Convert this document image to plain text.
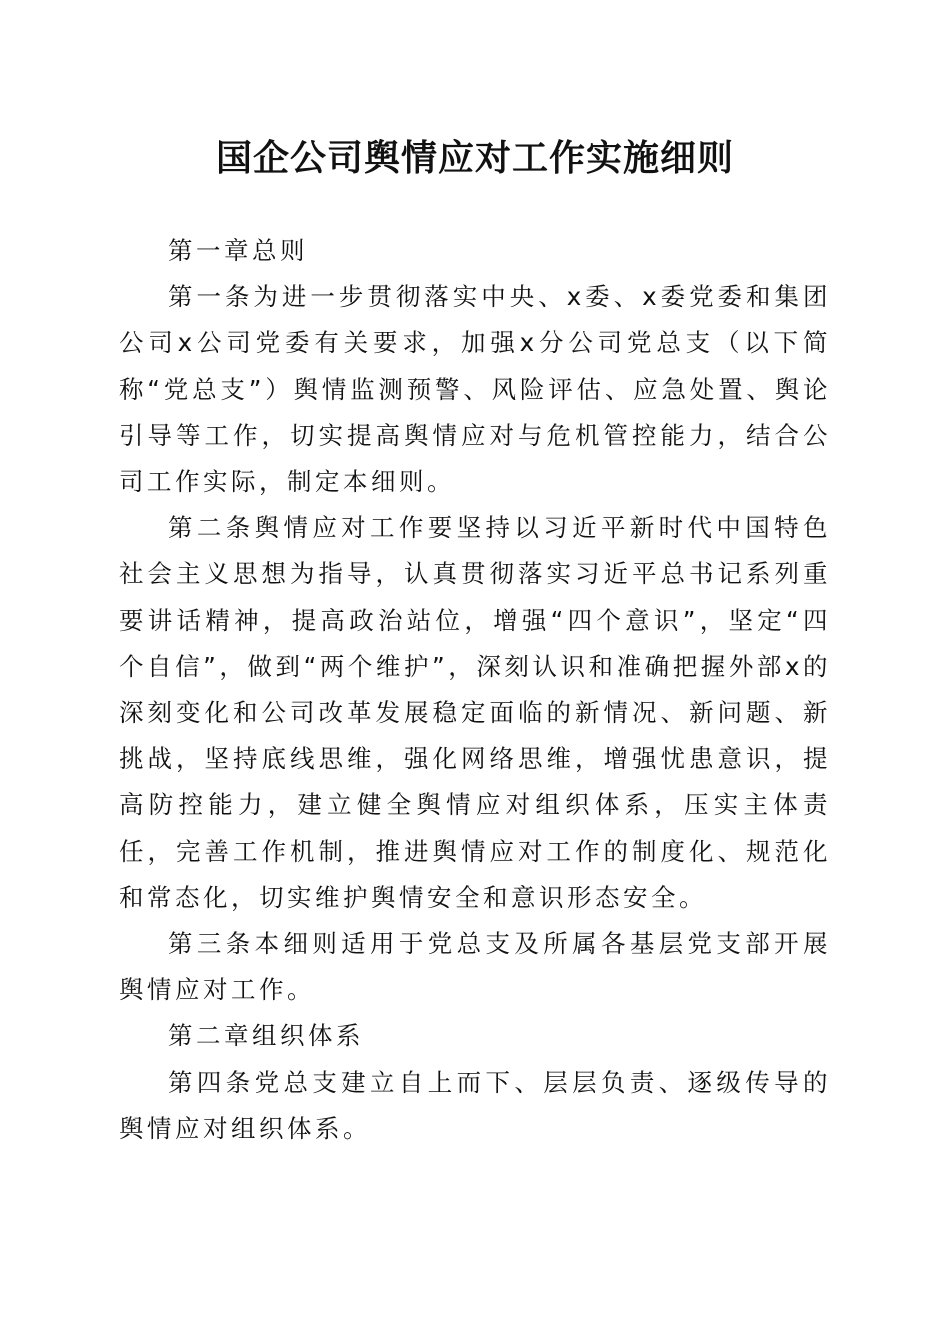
国企公司舆情应对工作实施细则

第一章总则

第一条为进一步贯彻落实中央、x委、x委党委和集团公司x公司党委有关要求，加强x分公司党总支（以下简称“党总支”）舆情监测预警、风险评估、应急处置、舆论引导等工作，切实提高舆情应对与危机管控能力，结合公司工作实际，制定本细则。

第二条舆情应对工作要坚持以习近平新时代中国特色社会主义思想为指导，认真贯彻落实习近平总书记系列重要讲话精神，提高政治站位，增强“四个意识”，坚定“四个自信”，做到“两个维护”，深刻认识和准确把握外部x的深刻变化和公司改革发展稳定面临的新情况、新问题、新挑战，坚持底线思维，强化网络思维，增强忧患意识，提高防控能力，建立健全舆情应对组织体系，压实主体责任，完善工作机制，推进舆情应对工作的制度化、规范化和常态化，切实维护舆情安全和意识形态安全。

第三条本细则适用于党总支及所属各基层党支部开展舆情应对工作。

第二章组织体系

第四条党总支建立自上而下、层层负责、逐级传导的舆情应对组织体系。
